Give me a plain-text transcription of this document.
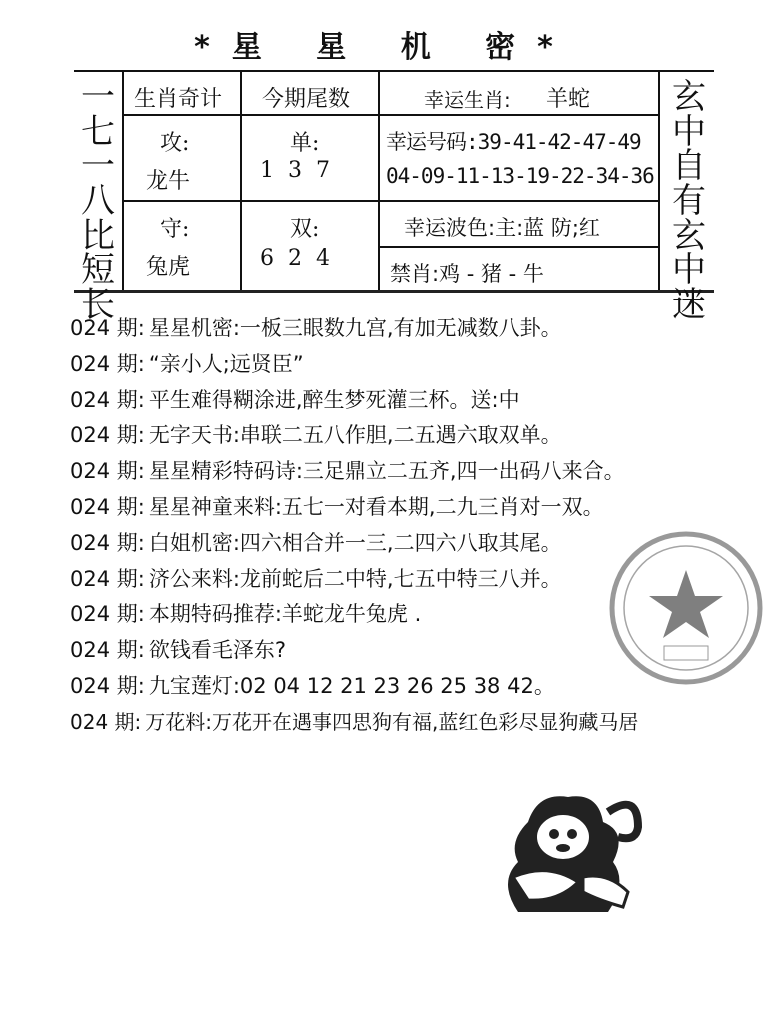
*星 星 机 密*
一
七
一
八
比
短
长
玄
中
自
有
玄
中
迷
生肖奇计 今期尾数	幸运生肖: 羊蛇
攻:
龙牛
单:
1  3  7
幸运号码:39-41-42-47-49
04-09-11-13-19-22-34-36
守:
兔虎
双:
6  2  4
幸运波色:主:蓝 防;红
禁肖:鸡 - 猪 - 牛
024 期: 星星机密:一板三眼数九宫,有加无减数八卦。
024 期: “亲小人;远贤臣”
024 期: 平生难得糊涂进,醉生梦死灌三杯。送:中
024 期: 无字天书:串联二五八作胆,二五遇六取双单。
024 期: 星星精彩特码诗:三足鼎立二五齐,四一出码八来合。
024 期: 星星神童来料:五七一对看本期,二九三肖对一双。
024 期: 白姐机密:四六相合并一三,二四六八取其尾。
024 期: 济公来料:龙前蛇后二中特,七五中特三八并。
024 期: 本期特码推荐:羊蛇龙牛兔虎 .
024 期: 欲钱看毛泽东?
024 期: 九宝莲灯:02 04 12 21 23 26 25 38 42。
024 期: 万花料:万花开在遇事四思狗有福,蓝红色彩尽显狗藏马居
